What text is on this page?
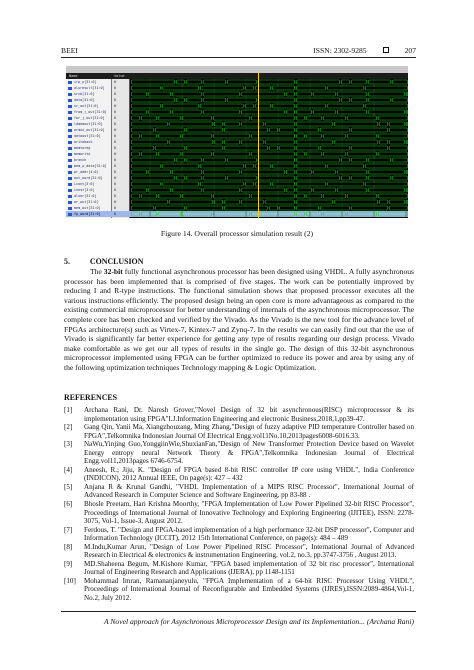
BEEI	ISSN: 2302-9285	207
Name	Value
irp_o[31:0]	0
aluresult[31:0]	0
srcb[31:0]	0
data[31:0]	0
sr_out[31:0]	0
from_j_out[31:0] 0
for_j_out[31:0]	0
ldmemout[31:0]	0
wrmux_out[31:0]	0
dataout[31:0]	0
writeback	0
memtoreg	0
memwrite	0
branch	0
mem_w_data[31:0] 0
wr_addr[4:0]	0
out_word[31:0]	0
Lcont[3:0]	0
Lnest[3:0]	0
aluor[31:0]	0
wr_out[31:0]	0
mem_out[31:0]	0
fp_word[31:0]	0
Figure 14. Overall processor simulation result (2)
5.	CONCLUSION

The 32-bit fully functional asynchronous processor has been designed using VHDL. A fully asynchronous processor has been implemented that is comprised of five stages. The work can be potentially improved by reducing I and R-type instructions. The functional simulation shows that proposed processor executes all the various instructions efficiently. The proposed design being an open core is more advantageous as compared to the existing commercial microprocessor for better understanding of internals of the asynchronous microprocessor. The complete core has been checked and verified by the Vivado. As the Vivado is the new tool for the advance level of FPGAs architecture(s) such as Virtex-7, Kintex-7 and Zynq-7. In the results we can easily find out that the use of Vivado is significantly far better experience for getting any type of results regarding our design process. Vivado make comfortable as we get our all types of results in the single go. The design of this 32-bit asynchronous microprocessor implemented using FPGA can be further optimized to reduce its power and area by using any of the following optimization techniques Technology mapping & Logic Optimization.

REFERENCES
[1]	Archana Rani, Dr. Naresh Grover,"Novel Design of 32 bit asynchronous(RISC) microprocessor & its implementation using FPGA"I.J.Information Engineering and electronic Business,2018,1,pp39-47.
[2]	Gang Qin, Yanii Ma, Xiangzhouzang, Ming Zhang,"Design of fuzzy adaptive PID temperature Controller based on FPGA",Telkomnika Indonesian Journal Of Electrical Engg.vol11No.10,2013pages6008-6016.33.
[3]	NaWu,Yinjing Guo,YonggiinWie,ShuxianFan,"Design of New Transformer Protection Device based on Wavelet Energy entropy neural Network Theory & FPGA",Telkomnika Indonesian Journal of Electrical Engg.vol11,2013pages 6746-6754.
[4]	Aneesh, R.; Jiju, K. "Design of FPGA based 8-bit RISC controller IP core using VHDL", India Conference (INDICON), 2012 Annual IEEE, On page(s): 427 – 432
[5]	Anjana R & Krunal Gandhi, "VHDL Implementation of a MIPS RISC Processor", International Journal of Advanced Research in Computer Science and Software Engineering, pp 83-88 .
[6]	Bhosle Preetam, Hari Krishna Moorthy, "FPGA Implementation of Low Power Pipelined 32-bit RISC Processor", Proceedings of International Journal of Innovative Technology and Exploring Engineering (IJITEE), ISSN: 2278-3075, Vol-1, Issue-3, August 2012.
[7]	Ferdous, T. "Design and FPGA-based implementation of a high performance 32-bit DSP processor", Computer and Information Technology (ICCIT), 2012 15th International Conference, on page(s): 484 – 489
[8]	M.Indu,Kumar Arun, "Design of Low Power Pipelined RISC Processor", International Journal of Advanced Research in Electrical & electronics & instrumentation Engineering, vol.2, no.3, pp.3747-3756 , August 2013.
[9]	MD.Shaheena Begum, M.Kishore Kumar, "FPGA based implementation of 32 bit risc processor", International Journal of Engineering Research and Applications (IJERA), pp 1148-1151
[10]	Mohammad Imran, Ramananjaneyulu, "FPGA Implementation of a 64-bit RISC Processor Using VHDL", Proceedings of International Journal of Reconfigurable and Embedded Systems (IJRES),ISSN:2089-4864,Vol-1, No.2, July 2012.
A Novel approach for Asynchronous Microprocessor Design and its Implementation... (Archana Rani)
